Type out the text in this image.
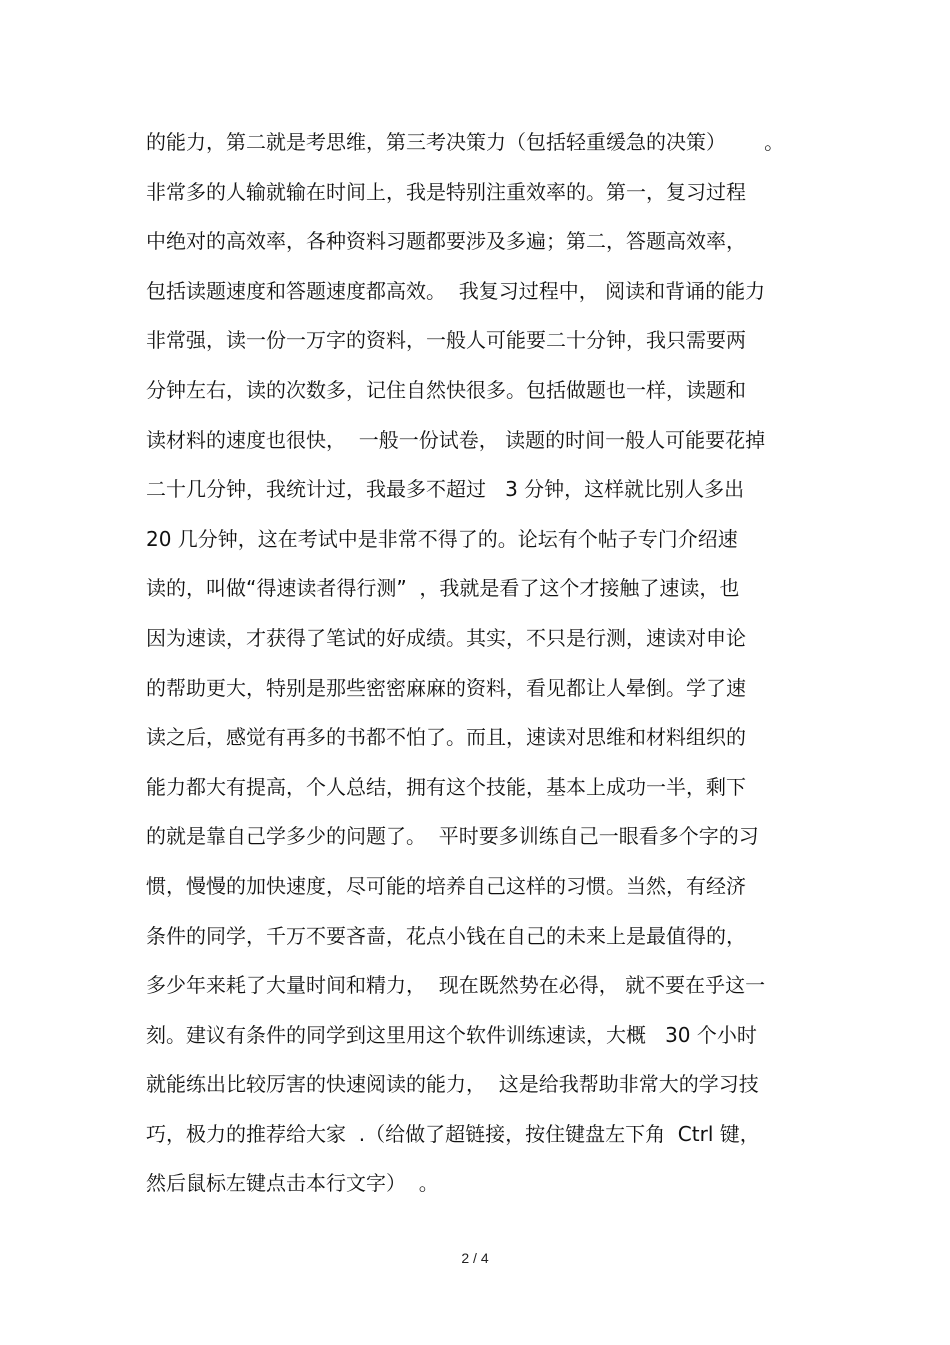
的能力，第二就是考思维，第三考决策力（包括轻重缓急的决策）      。
非常多的人输就输在时间上，我是特别注重效率的。第一，复习过程
中绝对的高效率，各种资料习题都要涉及多遍；第二，答题高效率，
包括读题速度和答题速度都高效。  我复习过程中， 阅读和背诵的能力
非常强，读一份一万字的资料，一般人可能要二十分钟，我只需要两
分钟左右，读的次数多，记住自然快很多。包括做题也一样，读题和
读材料的速度也很快，  一般一份试卷， 读题的时间一般人可能要花掉
二十几分钟，我统计过，我最多不超过   3 分钟，这样就比别人多出
20 几分钟，这在考试中是非常不得了的。论坛有个帖子专门介绍速
读的，叫做“得速读者得行测”  ，我就是看了这个才接触了速读，也
因为速读，才获得了笔试的好成绩。其实，不只是行测，速读对申论
的帮助更大，特别是那些密密麻麻的资料，看见都让人晕倒。学了速
读之后，感觉有再多的书都不怕了。而且，速读对思维和材料组织的
能力都大有提高，个人总结，拥有这个技能，基本上成功一半，剩下
的就是靠自己学多少的问题了。  平时要多训练自己一眼看多个字的习
惯，慢慢的加快速度，尽可能的培养自己这样的习惯。当然，有经济
条件的同学，千万不要吝啬，花点小钱在自己的未来上是最值得的，
多少年来耗了大量时间和精力，  现在既然势在必得， 就不要在乎这一
刻。建议有条件的同学到这里用这个软件训练速读，大概   30 个小时
就能练出比较厉害的快速阅读的能力，  这是给我帮助非常大的学习技
巧，极力的推荐给大家  .（给做了超链接，按住键盘左下角  Ctrl 键，
然后鼠标左键点击本行文字）  。
2 / 4
